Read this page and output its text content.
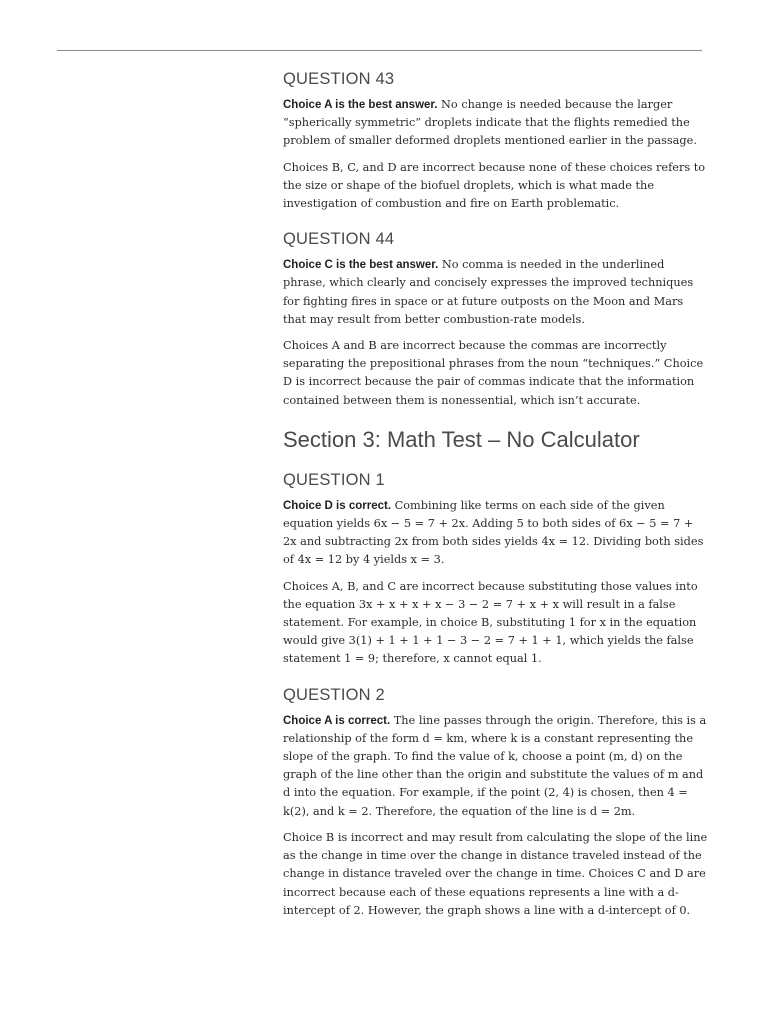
QUESTION 43

Choice A is the best answer. No change is needed because the larger “spherically symmetric” droplets indicate that the flights remedied the problem of smaller deformed droplets mentioned earlier in the passage.

Choices B, C, and D are incorrect because none of these choices refers to the size or shape of the biofuel droplets, which is what made the investigation of combustion and fire on Earth problematic.

QUESTION 44

Choice C is the best answer. No comma is needed in the underlined phrase, which clearly and concisely expresses the improved techniques for fighting fires in space or at future outposts on the Moon and Mars that may result from better combustion-rate models.

Choices A and B are incorrect because the commas are incorrectly separating the prepositional phrases from the noun “techniques.” Choice D is incorrect because the pair of commas indicate that the information contained between them is nonessential, which isn’t accurate.

Section 3: Math Test – No Calculator
QUESTION 1

Choice D is correct. Combining like terms on each side of the given equation yields 6x − 5 = 7 + 2x. Adding 5 to both sides of 6x − 5 = 7 + 2x and subtracting 2x from both sides yields 4x = 12. Dividing both sides of 4x = 12 by 4 yields x = 3.

Choices A, B, and C are incorrect because substituting those values into the equation 3x + x + x + x − 3 − 2 = 7 + x + x will result in a false statement. For example, in choice B, substituting 1 for x in the equation would give 3(1) + 1 + 1 + 1 − 3 − 2 = 7 + 1 + 1, which yields the false statement 1 = 9; therefore, x cannot equal 1.

QUESTION 2

Choice A is correct. The line passes through the origin. Therefore, this is a relationship of the form d = km, where k is a constant representing the slope of the graph. To find the value of k, choose a point (m, d) on the graph of the line other than the origin and substitute the values of m and d into the equation. For example, if the point (2, 4) is chosen, then 4 = k(2), and k = 2. Therefore, the equation of the line is d = 2m.

Choice B is incorrect and may result from calculating the slope of the line as the change in time over the change in distance traveled instead of the change in distance traveled over the change in time. Choices C and D are incorrect because each of these equations represents a line with a d-intercept of 2. However, the graph shows a line with a d-intercept of 0.
